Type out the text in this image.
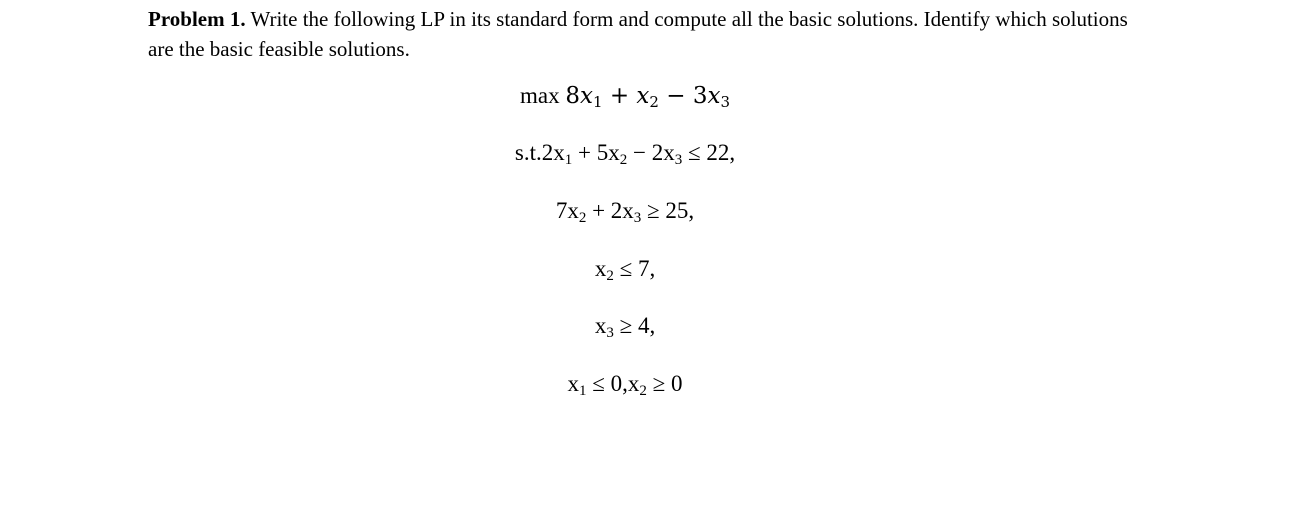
Problem 1. Write the following LP in its standard form and compute all the basic solutions. Identify which solutions are the basic feasible solutions.
$\max 8x_1 + x_2 - 3x_3$
$s.t.2x_1 + 5x_2 - 2x_3 \le 22$,
$7x_2 + 2x_3 \ge 25$,
$x_2 \le 7$,
$x_3 \ge 4$,
$x_1 \le 0,x_2 \ge 0$
